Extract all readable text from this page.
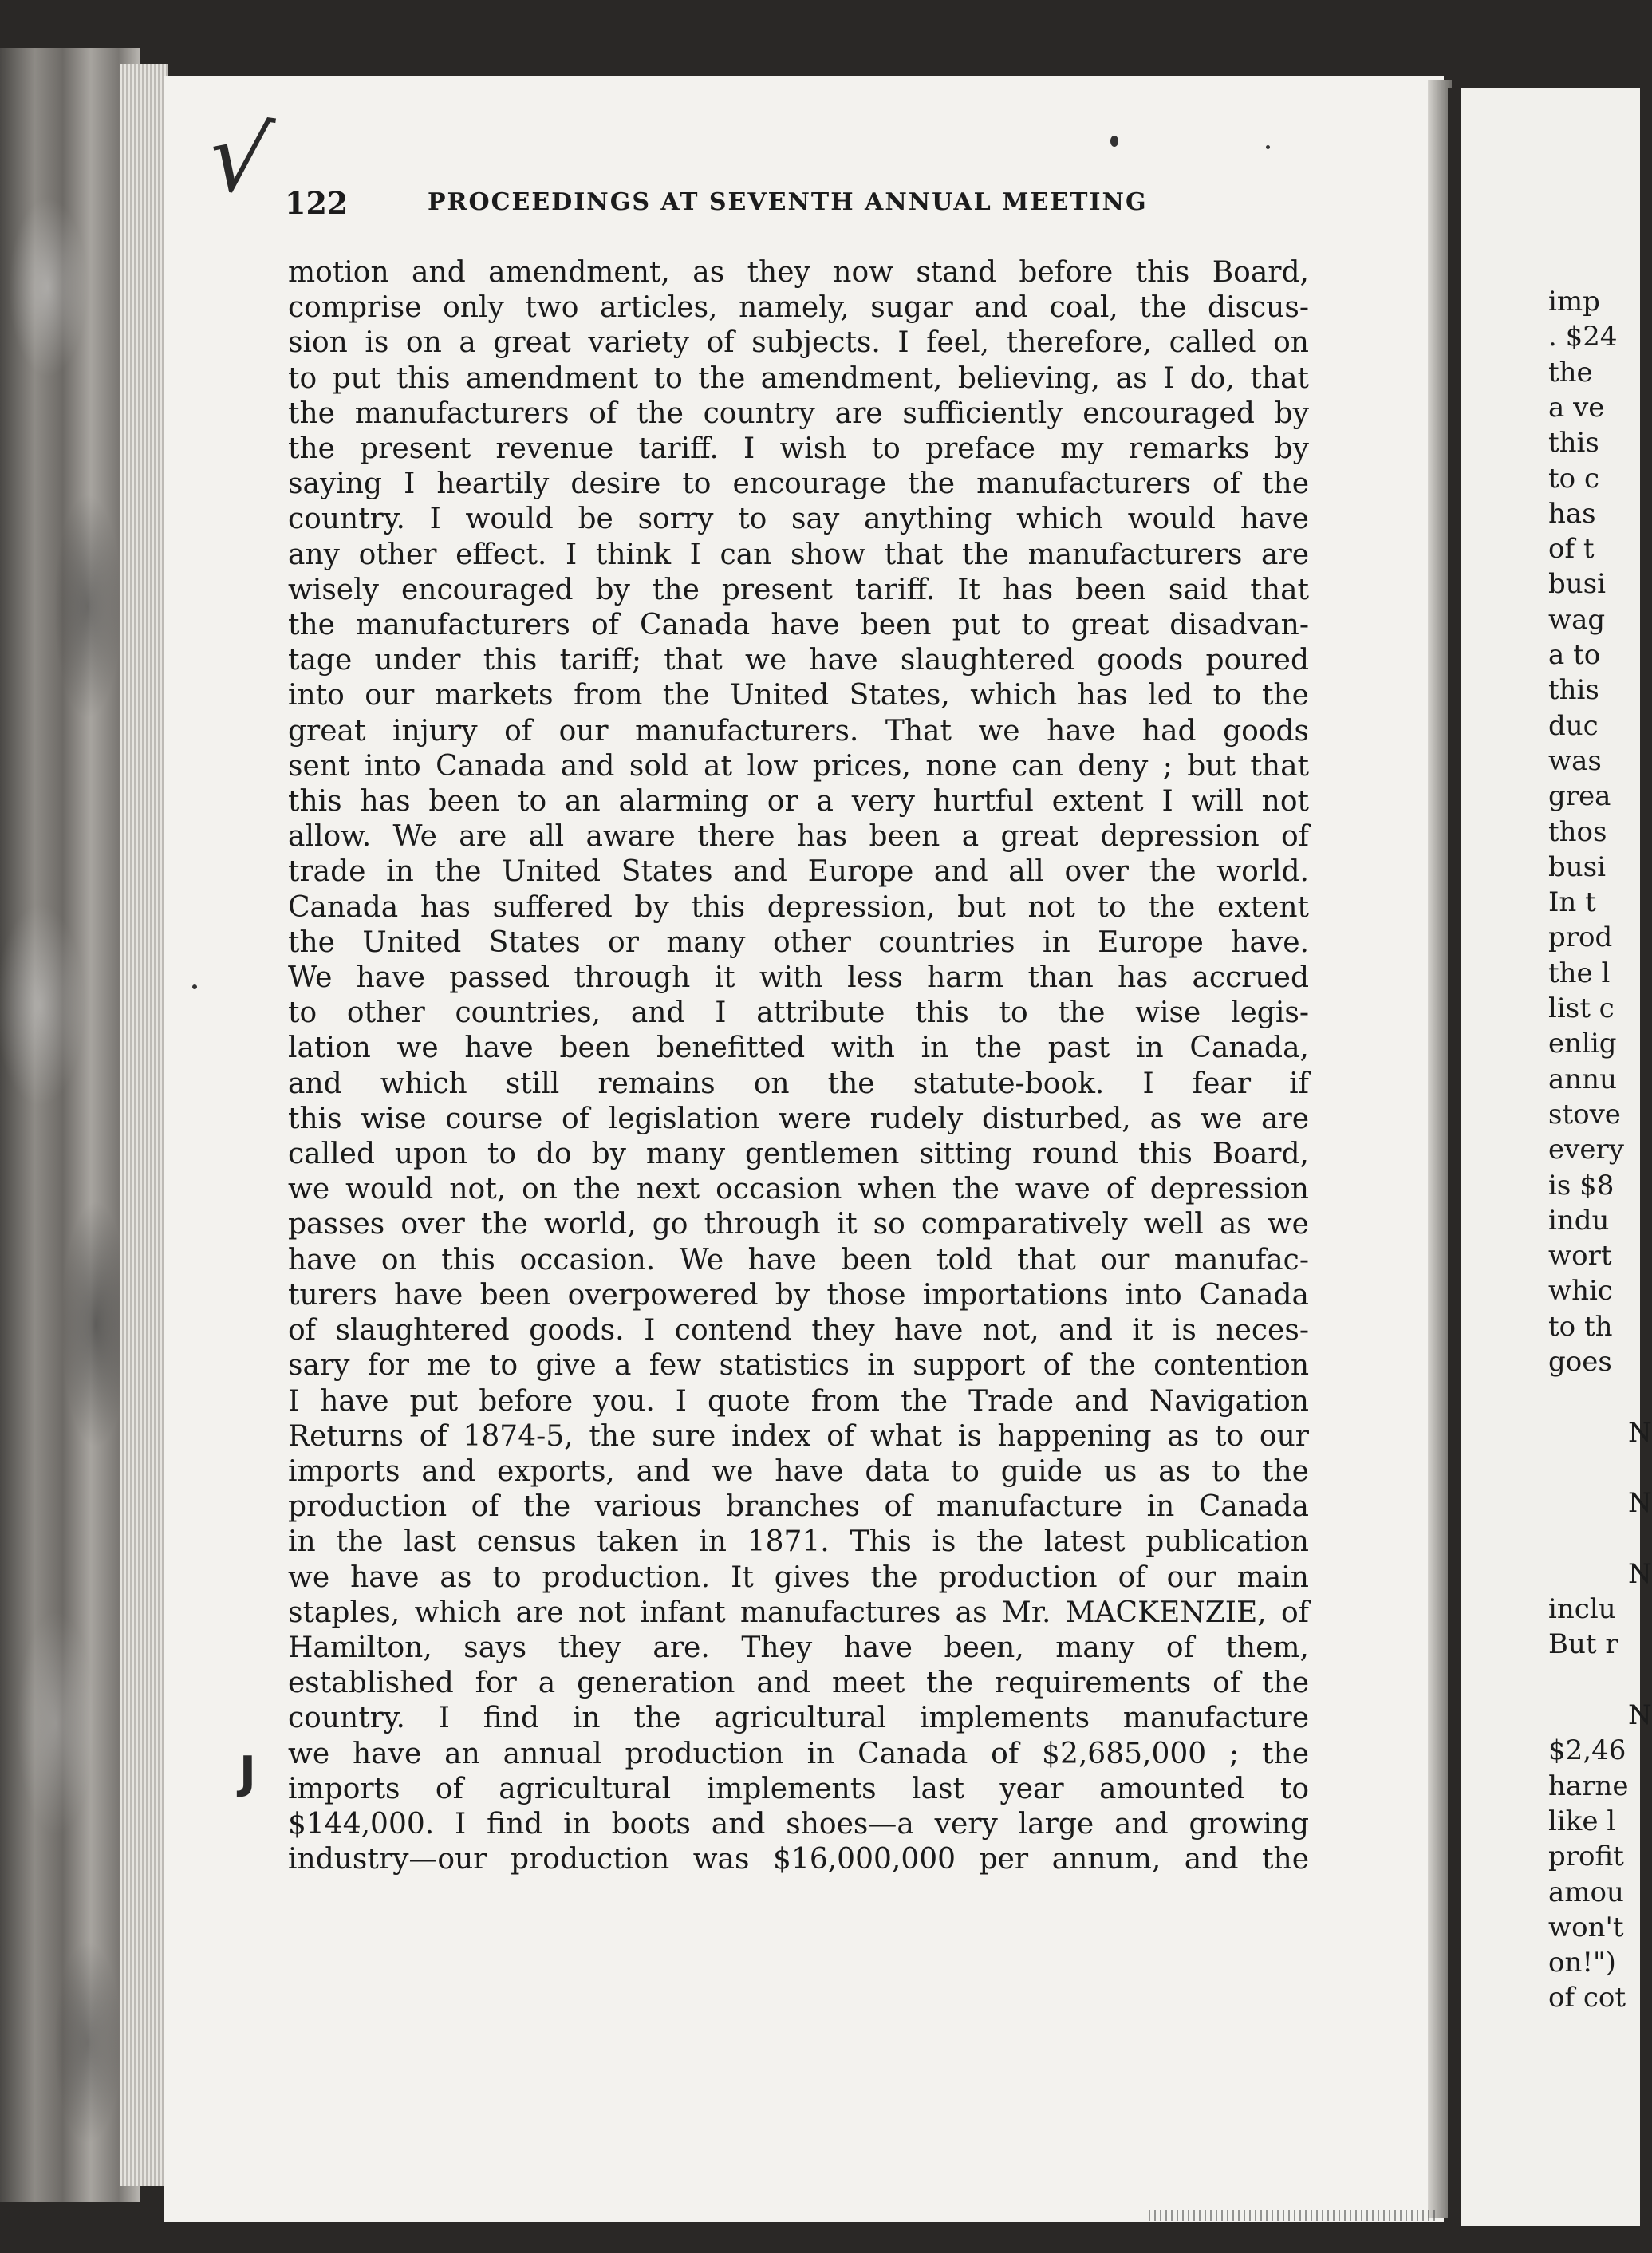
imp
. $24
the
a ve
this
to c
has
of t
busi
wag
a to
this
duc
was
grea
thos
busi
In t
prod
the l
list c
enlig
annu
stove
every
is $8
indu
wort
whic
to th
goes
N
N
N
inclu
But r
N
$2,46
harne
like l
profit
amou
won't
on!")
of cot
√
J
122	PROCEEDINGS AT SEVENTH ANNUAL MEETING
motion and amendment, as they now stand before this Board,
comprise only two articles, namely, sugar and coal, the discus-
sion is on a great variety of subjects. I feel, therefore, called on
to put this amendment to the amendment, believing, as I do, that
the manufacturers of the country are sufficiently encouraged by
the present revenue tariff. I wish to preface my remarks by
saying I heartily desire to encourage the manufacturers of the
country. I would be sorry to say anything which would have
any other effect. I think I can show that the manufacturers are
wisely encouraged by the present tariff. It has been said that
the manufacturers of Canada have been put to great disadvan-
tage under this tariff; that we have slaughtered goods poured
into our markets from the United States, which has led to the
great injury of our manufacturers. That we have had goods
sent into Canada and sold at low prices, none can deny ; but that
this has been to an alarming or a very hurtful extent I will not
allow. We are all aware there has been a great depression of
trade in the United States and Europe and all over the world.
Canada has suffered by this depression, but not to the extent
the United States or many other countries in Europe have.
We have passed through it with less harm than has accrued
to other countries, and I attribute this to the wise legis-
lation we have been benefitted with in the past in Canada,
and which still remains on the statute-book. I fear if
this wise course of legislation were rudely disturbed, as we are
called upon to do by many gentlemen sitting round this Board,
we would not, on the next occasion when the wave of depression
passes over the world, go through it so comparatively well as we
have on this occasion. We have been told that our manufac-
turers have been overpowered by those importations into Canada
of slaughtered goods. I contend they have not, and it is neces-
sary for me to give a few statistics in support of the contention
I have put before you. I quote from the Trade and Navigation
Returns of 1874-5, the sure index of what is happening as to our
imports and exports, and we have data to guide us as to the
production of the various branches of manufacture in Canada
in the last census taken in 1871. This is the latest publication
we have as to production. It gives the production of our main
staples, which are not infant manufactures as Mr. MACKENZIE, of
Hamilton, says they are. They have been, many of them,
established for a generation and meet the requirements of the
country. I find in the agricultural implements manufacture
we have an annual production in Canada of $2,685,000 ; the
imports of agricultural implements last year amounted to
$144,000. I find in boots and shoes—a very large and growing
industry—our production was $16,000,000 per annum, and the
